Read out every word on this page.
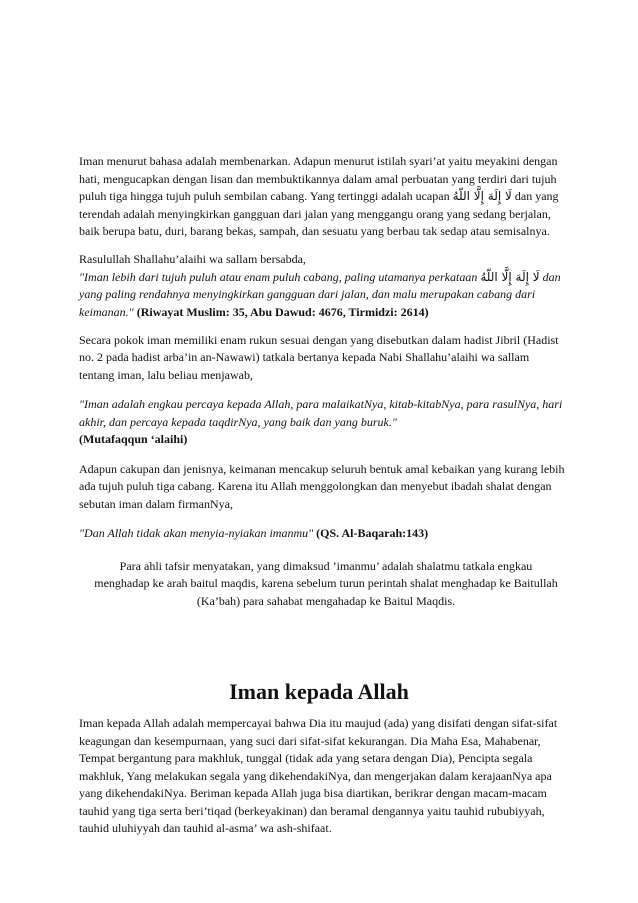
Iman menurut bahasa adalah membenarkan. Adapun menurut istilah syari’at yaitu meyakini dengan hati, mengucapkan dengan lisan dan membuktikannya dalam amal perbuatan yang terdiri dari tujuh puluh tiga hingga tujuh puluh sembilan cabang. Yang tertinggi adalah ucapan لَا إِلَهَ إِلَّا اللّهُ dan yang terendah adalah menyingkirkan gangguan dari jalan yang menggangu orang yang sedang berjalan, baik berupa batu, duri, barang bekas, sampah, dan sesuatu yang berbau tak sedap atau semisalnya.

Rasulullah Shallahu’alaihi wa sallam bersabda,
"Iman lebih dari tujuh puluh atau enam puluh cabang, paling utamanya perkataan لَا إِلَهَ إِلَّا اللّهُ dan yang paling rendahnya menyingkirkan gangguan dari jalan, dan malu merupakan cabang dari keimanan." (Riwayat Muslim: 35, Abu Dawud: 4676, Tirmidzi: 2614)

Secara pokok iman memiliki enam rukun sesuai dengan yang disebutkan dalam hadist Jibril (Hadist no. 2 pada hadist arba’in an-Nawawi) tatkala bertanya kepada Nabi Shallahu’alaihi wa sallam tentang iman, lalu beliau menjawab,

"Iman adalah engkau percaya kepada Allah, para malaikatNya, kitab-kitabNya, para rasulNya, hari akhir, dan percaya kepada taqdirNya, yang baik dan yang buruk."
(Mutafaqqun ‘alaihi)

Adapun cakupan dan jenisnya, keimanan mencakup seluruh bentuk amal kebaikan yang kurang lebih ada tujuh puluh tiga cabang. Karena itu Allah menggolongkan dan menyebut ibadah shalat dengan sebutan iman dalam firmanNya,

"Dan Allah tidak akan menyia-nyiakan imanmu" (QS. Al-Baqarah:143)

Para ahli tafsir menyatakan, yang dimaksud ’imanmu’ adalah shalatmu tatkala engkau menghadap ke arah baitul maqdis, karena sebelum turun perintah shalat menghadap ke Baitullah (Ka’bah) para sahabat mengahadap ke Baitul Maqdis.

Iman kepada Allah

Iman kepada Allah adalah mempercayai bahwa Dia itu maujud (ada) yang disifati dengan sifat-sifat keagungan dan kesempurnaan, yang suci dari sifat-sifat kekurangan. Dia Maha Esa, Mahabenar, Tempat bergantung para makhluk, tunggal (tidak ada yang setara dengan Dia), Pencipta segala makhluk, Yang melakukan segala yang dikehendakiNya, dan mengerjakan dalam kerajaanNya apa yang dikehendakiNya. Beriman kepada Allah juga bisa diartikan, berikrar dengan macam-macam tauhid yang tiga serta beri’tiqad (berkeyakinan) dan beramal dengannya yaitu tauhid rububiyyah, tauhid uluhiyyah dan tauhid al-asma’ wa ash-shifaat.
